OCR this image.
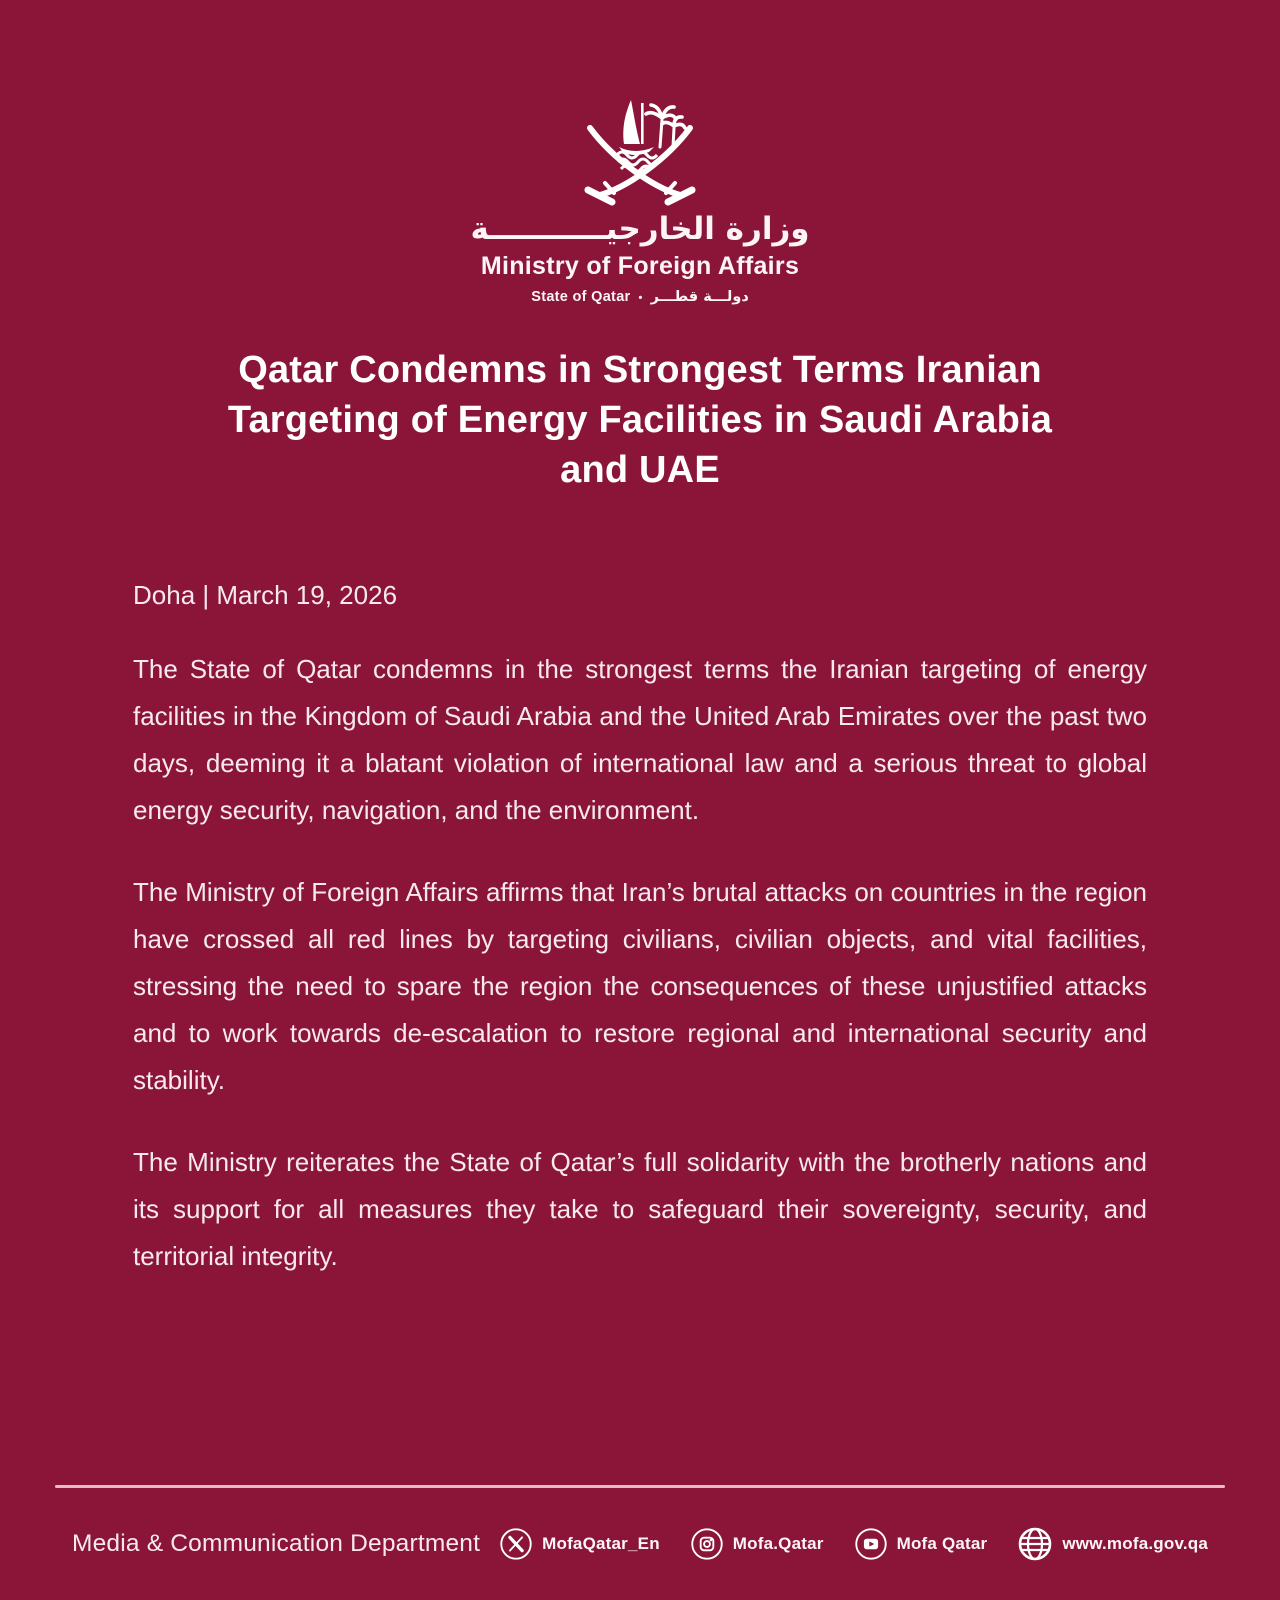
وزارة الخارجيـــــــــــة
Ministry of Foreign Affairs
State of Qatar • دولـــة قطـــر
Qatar Condemns in Strongest Terms Iranian
Targeting of Energy Facilities in Saudi Arabia
and UAE
Doha | March 19, 2026

The State of Qatar condemns in the strongest terms the Iranian targeting of energy facilities in the Kingdom of Saudi Arabia and the United Arab Emirates over the past two days, deeming it a blatant violation of international law and a serious threat to global energy security, navigation, and the environment.

The Ministry of Foreign Affairs affirms that Iran’s brutal attacks on countries in the region have crossed all red lines by targeting civilians, civilian objects, and vital facilities, stressing the need to spare the region the consequences of these unjustified attacks and to work towards de-escalation to restore regional and international security and stability.

The Ministry reiterates the State of Qatar’s full solidarity with the brotherly nations and its support for all measures they take to safeguard their sovereignty, security, and territorial integrity.

Media & Communication Department	MofaQatar_En	Mofa.Qatar	Mofa Qatar	www.mofa.gov.qa
